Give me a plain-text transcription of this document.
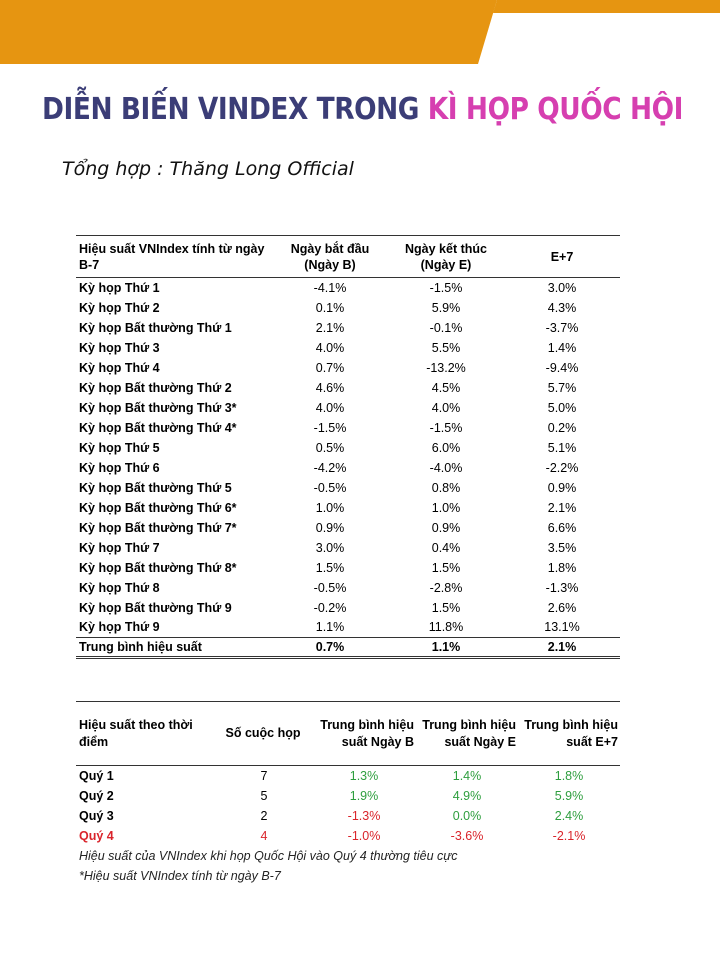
DIỄN BIẾN VINDEX TRONG KÌ HỌP QUỐC HỘI
Tổng hợp : Thăng Long Official
Hiệu suất VNIndex tính từ ngày B-7	Ngày bắt đầu (Ngày B)	Ngày kết thúc (Ngày E)	E+7
Kỳ họp Thứ 1	-4.1%	-1.5%	3.0%
Kỳ họp Thứ 2	0.1%	5.9%	4.3%
Kỳ họp Bất thường Thứ 1	2.1%	-0.1%	-3.7%
Kỳ họp Thứ 3	4.0%	5.5%	1.4%
Kỳ họp Thứ 4	0.7%	-13.2%	-9.4%
Kỳ họp Bất thường Thứ 2	4.6%	4.5%	5.7%
Kỳ họp Bất thường Thứ 3*	4.0%	4.0%	5.0%
Kỳ họp Bất thường Thứ 4*	-1.5%	-1.5%	0.2%
Kỳ họp Thứ 5	0.5%	6.0%	5.1%
Kỳ họp Thứ 6	-4.2%	-4.0%	-2.2%
Kỳ họp Bất thường Thứ 5	-0.5%	0.8%	0.9%
Kỳ họp Bất thường Thứ 6*	1.0%	1.0%	2.1%
Kỳ họp Bất thường Thứ 7*	0.9%	0.9%	6.6%
Kỳ họp Thứ 7	3.0%	0.4%	3.5%
Kỳ họp Bất thường Thứ 8*	1.5%	1.5%	1.8%
Kỳ họp Thứ 8	-0.5%	-2.8%	-1.3%
Kỳ họp Bất thường Thứ 9	-0.2%	1.5%	2.6%
Kỳ họp Thứ 9	1.1%	11.8%	13.1%
Trung bình hiệu suất	0.7%	1.1%	2.1%
Hiệu suất theo thời điểm	Số cuộc họp	Trung bình hiệu suất Ngày B	Trung bình hiệu suất Ngày E	Trung bình hiệu suất E+7
Quý 1	7	1.3%	1.4%	1.8%
Quý 2	5	1.9%	4.9%	5.9%
Quý 3	2	-1.3%	0.0%	2.4%
Quý 4	4	-1.0%	-3.6%	-2.1%
Hiệu suất của VNIndex khi họp Quốc Hội vào Quý 4 thường tiêu cực
*Hiệu suất VNIndex tính từ ngày B-7
